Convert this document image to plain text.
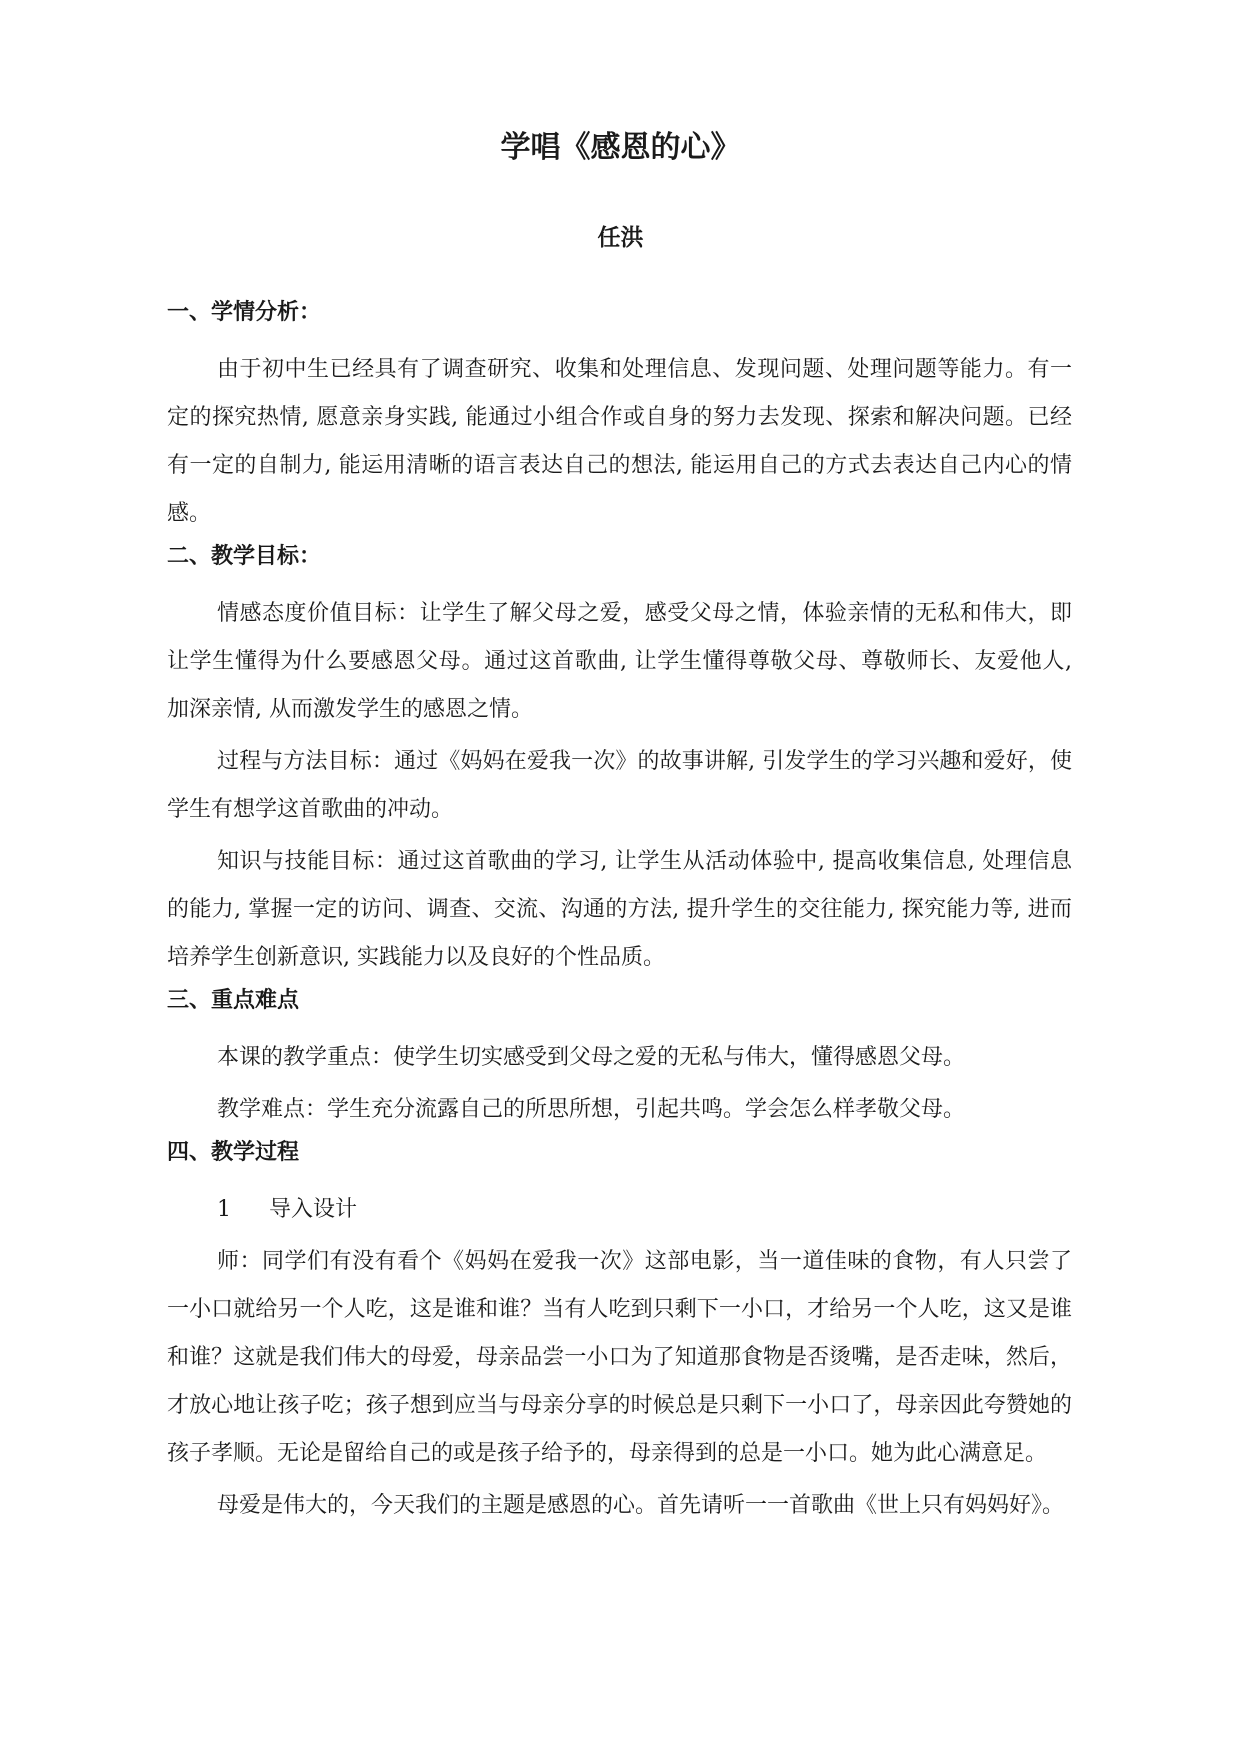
学唱《感恩的心》
任洪
一、学情分析：

由于初中生已经具有了调查研究、收集和处理信息、发现问题、处理问题等能力。有一定的探究热情, 愿意亲身实践, 能通过小组合作或自身的努力去发现、探索和解决问题。已经有一定的自制力, 能运用清晰的语言表达自己的想法, 能运用自己的方式去表达自己内心的情感。

二、教学目标：

情感态度价值目标：让学生了解父母之爱，感受父母之情，体验亲情的无私和伟大，即让学生懂得为什么要感恩父母。通过这首歌曲, 让学生懂得尊敬父母、尊敬师长、友爱他人, 加深亲情, 从而激发学生的感恩之情。

过程与方法目标：通过《妈妈在爱我一次》的故事讲解, 引发学生的学习兴趣和爱好，使学生有想学这首歌曲的冲动。

知识与技能目标：通过这首歌曲的学习, 让学生从活动体验中, 提高收集信息, 处理信息的能力, 掌握一定的访问、调查、交流、沟通的方法, 提升学生的交往能力, 探究能力等, 进而培养学生创新意识, 实践能力以及良好的个性品质。

三、重点难点

本课的教学重点：使学生切实感受到父母之爱的无私与伟大，懂得感恩父母。

教学难点：学生充分流露自己的所思所想，引起共鸣。学会怎么样孝敬父母。

四、教学过程

1 导入设计

师：同学们有没有看个《妈妈在爱我一次》这部电影，当一道佳味的食物，有人只尝了一小口就给另一个人吃，这是谁和谁？当有人吃到只剩下一小口，才给另一个人吃，这又是谁和谁？这就是我们伟大的母爱，母亲品尝一小口为了知道那食物是否烫嘴，是否走味，然后，才放心地让孩子吃；孩子想到应当与母亲分享的时候总是只剩下一小口了，母亲因此夸赞她的孩子孝顺。无论是留给自己的或是孩子给予的，母亲得到的总是一小口。她为此心满意足。

母爱是伟大的，今天我们的主题是感恩的心。首先请听一一首歌曲《世上只有妈妈好》。
